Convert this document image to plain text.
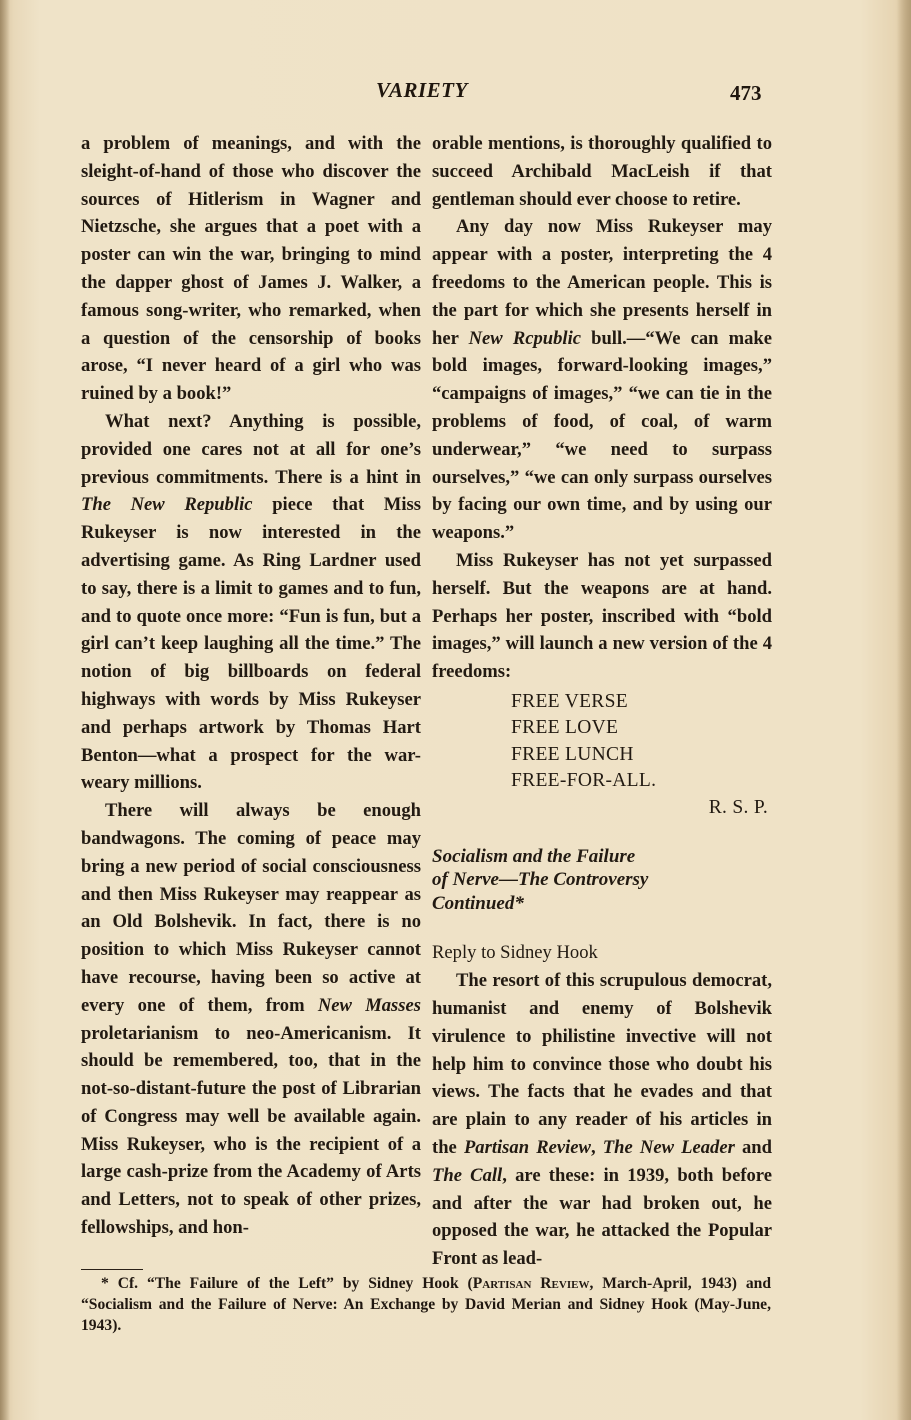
VARIETY	473

a problem of meanings, and with the sleight-of-hand of those who discover the sources of Hitlerism in Wagner and Nietzsche, she argues that a poet with a poster can win the war, bringing to mind the dapper ghost of James J. Walker, a famous song-writer, who remarked, when a question of the censorship of books arose, “I never heard of a girl who was ruined by a book!”

What next? Anything is possible, provided one cares not at all for one’s previous commitments. There is a hint in The New Republic piece that Miss Rukeyser is now interested in the advertising game. As Ring Lardner used to say, there is a limit to games and to fun, and to quote once more: “Fun is fun, but a girl can’t keep laughing all the time.” The notion of big billboards on federal highways with words by Miss Rukeyser and perhaps artwork by Thomas Hart Benton—what a prospect for the war-weary millions.

There will always be enough bandwagons. The coming of peace may bring a new period of social consciousness and then Miss Rukeyser may reappear as an Old Bolshevik. In fact, there is no position to which Miss Rukeyser cannot have recourse, having been so active at every one of them, from New Masses proletarianism to neo-Americanism. It should be remembered, too, that in the not-so-distant-future the post of Librarian of Congress may well be available again. Miss Rukeyser, who is the recipient of a large cash-prize from the Academy of Arts and Letters, not to speak of other prizes, fellowships, and hon-

orable mentions, is thoroughly qualified to succeed Archibald MacLeish if that gentleman should ever choose to retire.

Any day now Miss Rukeyser may appear with a poster, interpreting the 4 freedoms to the American people. This is the part for which she presents herself in her New Rcpublic bull.—“We can make bold images, forward-looking images,” “campaigns of images,” “we can tie in the problems of food, of coal, of warm underwear,” “we need to surpass ourselves,” “we can only surpass ourselves by facing our own time, and by using our weapons.”

Miss Rukeyser has not yet surpassed herself. But the weapons are at hand. Perhaps her poster, inscribed with “bold images,” will launch a new version of the 4 freedoms:

FREE VERSE
FREE LOVE
FREE LUNCH
FREE-FOR-ALL.
R. S. P.
Socialism and the Failure
of Nerve—The Controversy
Continued*

Reply to Sidney Hook

The resort of this scrupulous democrat, humanist and enemy of Bolshevik virulence to philistine invective will not help him to convince those who doubt his views. The facts that he evades and that are plain to any reader of his articles in the Partisan Review, The New Leader and The Call, are these: in 1939, both before and after the war had broken out, he opposed the war, he attacked the Popular Front as lead-

* Cf. “The Failure of the Left” by Sidney Hook (Partisan Review, March-April, 1943) and “Socialism and the Failure of Nerve: An Exchange by David Merian and Sidney Hook (May-June, 1943).
